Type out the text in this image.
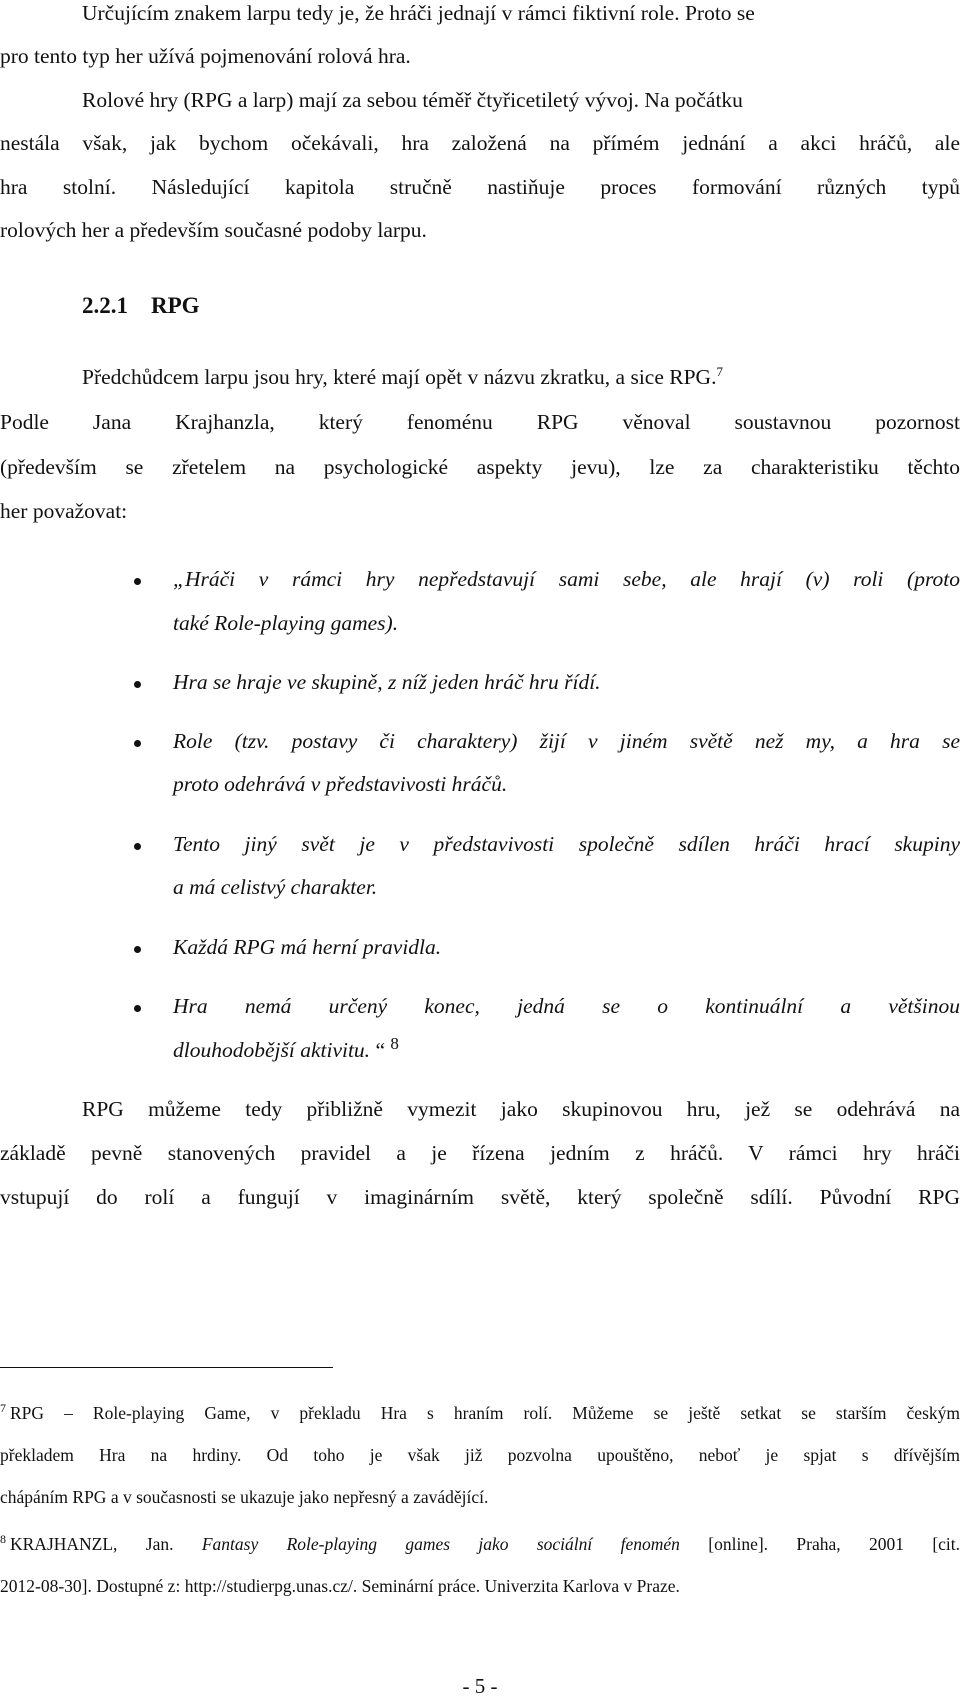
Určujícím znakem larpu tedy je, že hráči jednají v rámci fiktivní role. Proto se
pro tento typ her užívá pojmenování rolová hra.
Rolové hry (RPG a larp) mají za sebou téměř čtyřicetiletý vývoj. Na počátku
nestála však, jak bychom očekávali, hra založená na přímém jednání a akci hráčů, ale
hra stolní. Následující kapitola stručně nastiňuje proces formování různých typů
rolových her a především současné podoby larpu.
2.2.1 RPG
Předchůdcem larpu jsou hry, které mají opět v názvu zkratku, a sice RPG.$^7$
Podle Jana Krajhanzla, který fenoménu RPG věnoval soustavnou pozornost
(především se zřetelem na psychologické aspekty jevu), lze za charakteristiku těchto
her považovat:
„Hráči v rámci hry nepředstavují sami sebe, ale hrají (v) roli (proto
také Role-playing games).
Hra se hraje ve skupině, z níž jeden hráč hru řídí.
Role (tzv. postavy či charaktery) žijí v jiném světě než my, a hra se
proto odehrává v představivosti hráčů.
Tento jiný svět je v představivosti společně sdílen hráči hrací skupiny
a má celistvý charakter.
Každá RPG má herní pravidla.
Hra nemá určený konec, jedná se o kontinuální a většinou
dlouhodobější aktivitu. “ $^8$
RPG můžeme tedy přibližně vymezit jako skupinovou hru, jež se odehrává na
základě pevně stanovených pravidel a je řízena jedním z hráčů. V rámci hry hráči
vstupují do rolí a fungují v imaginárním světě, který společně sdílí. Původní RPG
$^7$ RPG – Role-playing Game, v překladu Hra s hraním rolí. Můžeme se ještě setkat se starším českým
překladem Hra na hrdiny. Od toho je však již pozvolna upouštěno, neboť je spjat s dřívějším
chápáním RPG a v současnosti se ukazuje jako nepřesný a zavádějící.
$^8$ KRAJHANZL, Jan. Fantasy Role-playing games jako sociální fenomén [online]. Praha, 2001 [cit.
2012-08-30]. Dostupné z: http://studierpg.unas.cz/. Seminární práce. Univerzita Karlova v Praze.
- 5 -
